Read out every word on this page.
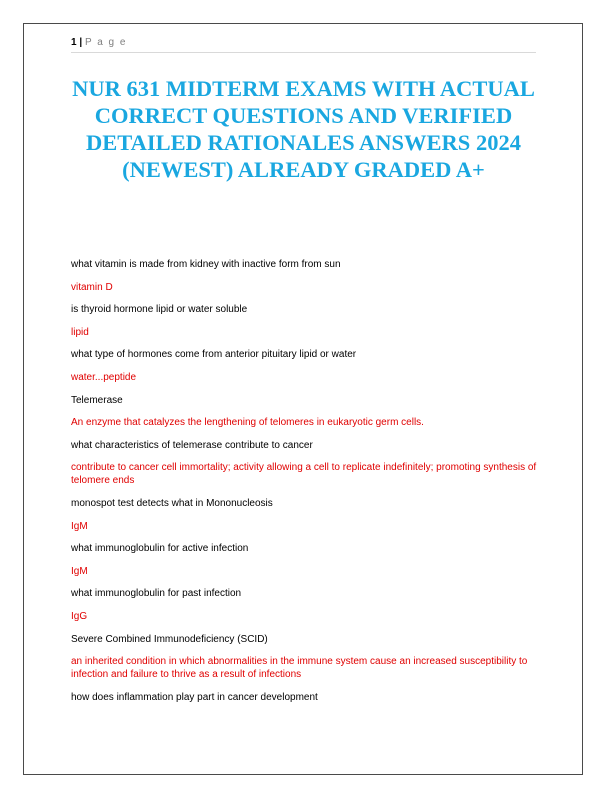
1 | P a g e
NUR 631 MIDTERM EXAMS WITH ACTUAL CORRECT QUESTIONS AND VERIFIED DETAILED RATIONALES ANSWERS 2024 (NEWEST) ALREADY GRADED A+
what vitamin is made from kidney with inactive form from sun
vitamin D
is thyroid hormone lipid or water soluble
lipid
what type of hormones come from anterior pituitary lipid or water
water...peptide
Telemerase
An enzyme that catalyzes the lengthening of telomeres in eukaryotic germ cells.
what characteristics of telemerase contribute to cancer
contribute to cancer cell immortality; activity allowing a cell to replicate indefinitely; promoting synthesis of telomere ends
monospot test detects what in Mononucleosis
IgM
what immunoglobulin for active infection
IgM
what immunoglobulin for past infection
IgG
Severe Combined Immunodeficiency (SCID)
an inherited condition in which abnormalities in the immune system cause an increased susceptibility to infection and failure to thrive as a result of infections
how does inflammation play part in cancer development
